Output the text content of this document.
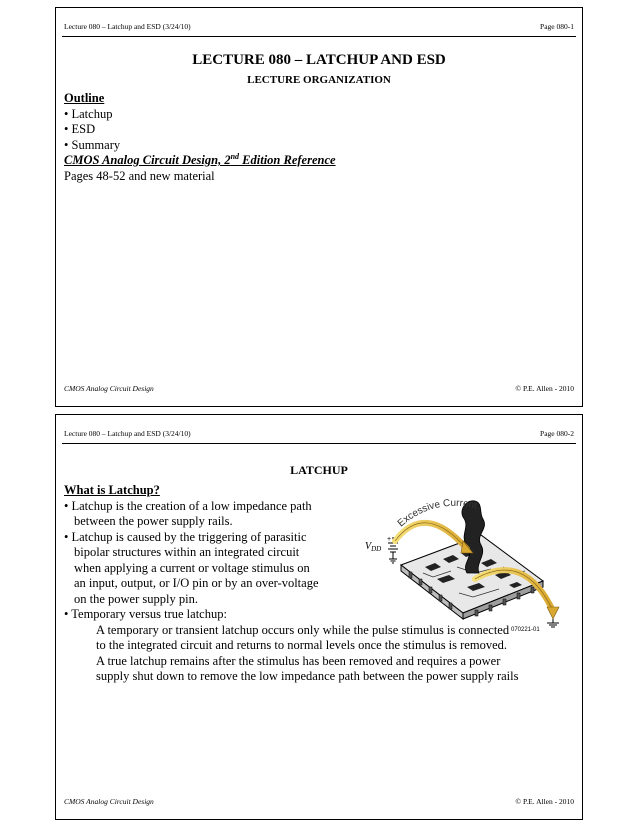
Lecture 080 – Latchup and ESD (3/24/10)	Page 080-1
LECTURE 080 – LATCHUP AND ESD
LECTURE ORGANIZATION
Outline
• Latchup
• ESD
• Summary
CMOS Analog Circuit Design, 2nd Edition Reference
Pages 48-52 and new material
CMOS Analog Circuit Design	© P.E. Allen - 2010
Lecture 080 – Latchup and ESD (3/24/10)	Page 080-2
LATCHUP
What is Latchup?
• Latchup is the creation of a low impedance path
between the power supply rails.
• Latchup is caused by the triggering of parasitic
bipolar structures within an integrated circuit
when applying a current or voltage stimulus on
an input, output, or I/O pin or by an over-voltage
on the power supply pin.
• Temporary versus true latchup:
A temporary or transient latchup occurs only while the pulse stimulus is connected
to the integrated circuit and returns to normal levels once the stimulus is removed.
A true latchup remains after the stimulus has been removed and requires a power
supply shut down to remove the low impedance path between the power supply rails
$V_{DD}$
+
Excessive Current
070221-01
CMOS Analog Circuit Design	© P.E. Allen - 2010
